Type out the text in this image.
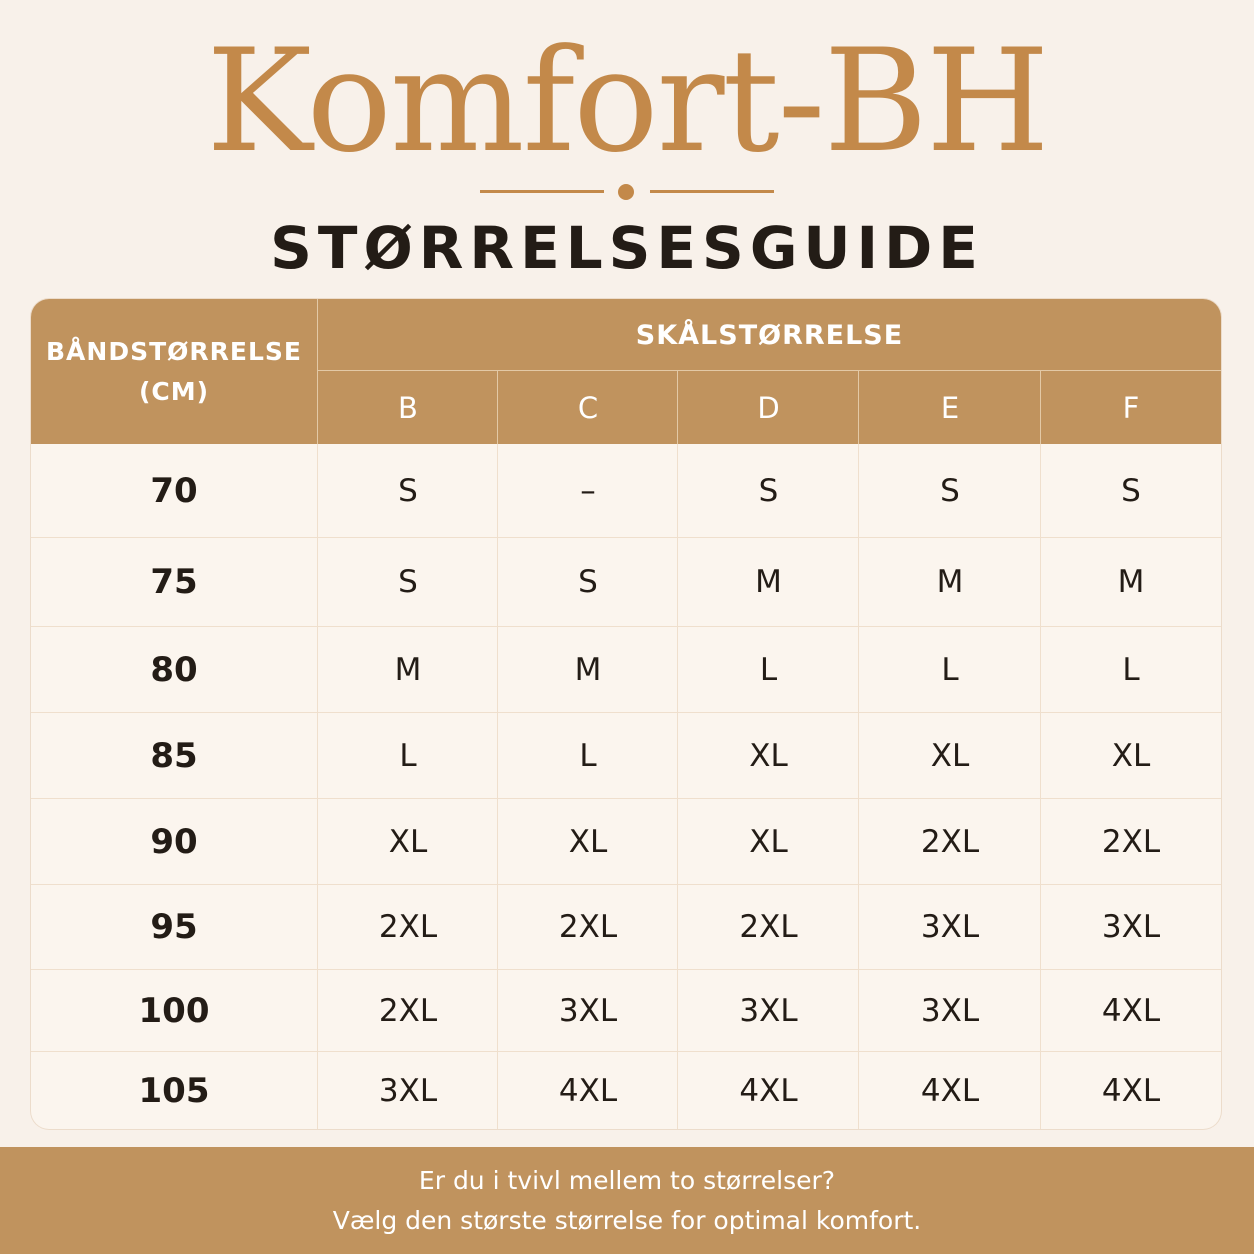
Komfort-BH
STØRRELSESGUIDE
BÅNDSTØRRELSE
(CM)
SKÅLSTØRRELSE
B	C	D	E	F
70	S	–	S	S	S
75	S	S	M	M	M
80	M	M	L	L	L
85	L	L	XL	XL	XL
90	XL	XL	XL	2XL	2XL
95	2XL	2XL	2XL	3XL	3XL
100	2XL	3XL	3XL	3XL	4XL
105	3XL	4XL	4XL	4XL	4XL
Er du i tvivl mellem to størrelser?
Vælg den største størrelse for optimal komfort.
